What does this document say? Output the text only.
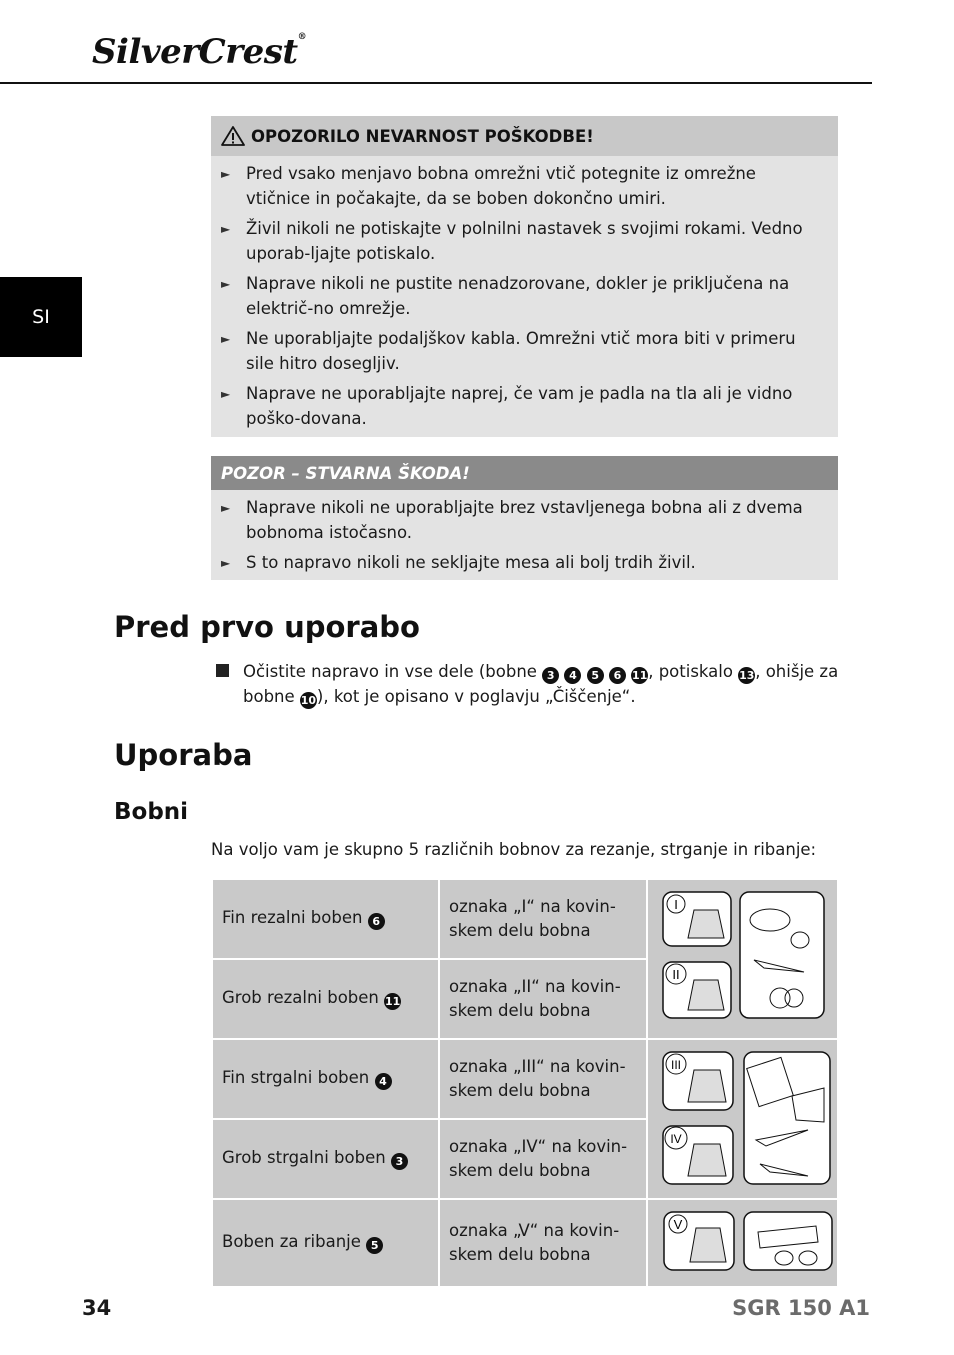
SilverCrest®
SI
OPOZORILO NEVARNOST POŠKODBE!
► Pred vsako menjavo bobna omrežni vtič potegnite iz omrežne vtičnice in počakajte, da se boben dokončno umiri.
► Živil nikoli ne potiskajte v polnilni nastavek s svojimi rokami. Vedno uporab-ljajte potiskalo.
► Naprave nikoli ne pustite nenadzorovane, dokler je priključena na električ-no omrežje.
► Ne uporabljajte podaljškov kabla. Omrežni vtič mora biti v primeru sile hitro dosegljiv.
► Naprave ne uporabljajte naprej, če vam je padla na tla ali je vidno poško-dovana.
POZOR – STVARNA ŠKODA!
► Naprave nikoli ne uporabljajte brez vstavljenega bobna ali z dvema bobnoma istočasno.
► S to napravo nikoli ne sekljajte mesa ali bolj trdih živil.
Pred prvo uporabo
Očistite napravo in vse dele (bobne 3 4 5 6 11, potiskalo 13, ohišje za bobne 10), kot je opisano v poglavju „Čiščenje“.
Uporaba
Bobni
Na voljo vam je skupno 5 različnih bobnov za rezanje, strganje in ribanje:
Fin rezalni boben 6	oznaka „I“ na kovin-skem delu bobna	I
II

Grob rezalni boben 11	oznaka „II“ na kovin-skem delu bobna	
Fin strgalni boben 4	oznaka „III“ na kovin-skem delu bobna	III
IV

Grob strgalni boben 3	oznaka „IV“ na kovin-skem delu bobna	
Boben za ribanje 5	oznaka „V“ na kovin-skem delu bobna	V
34	SGR 150 A1
